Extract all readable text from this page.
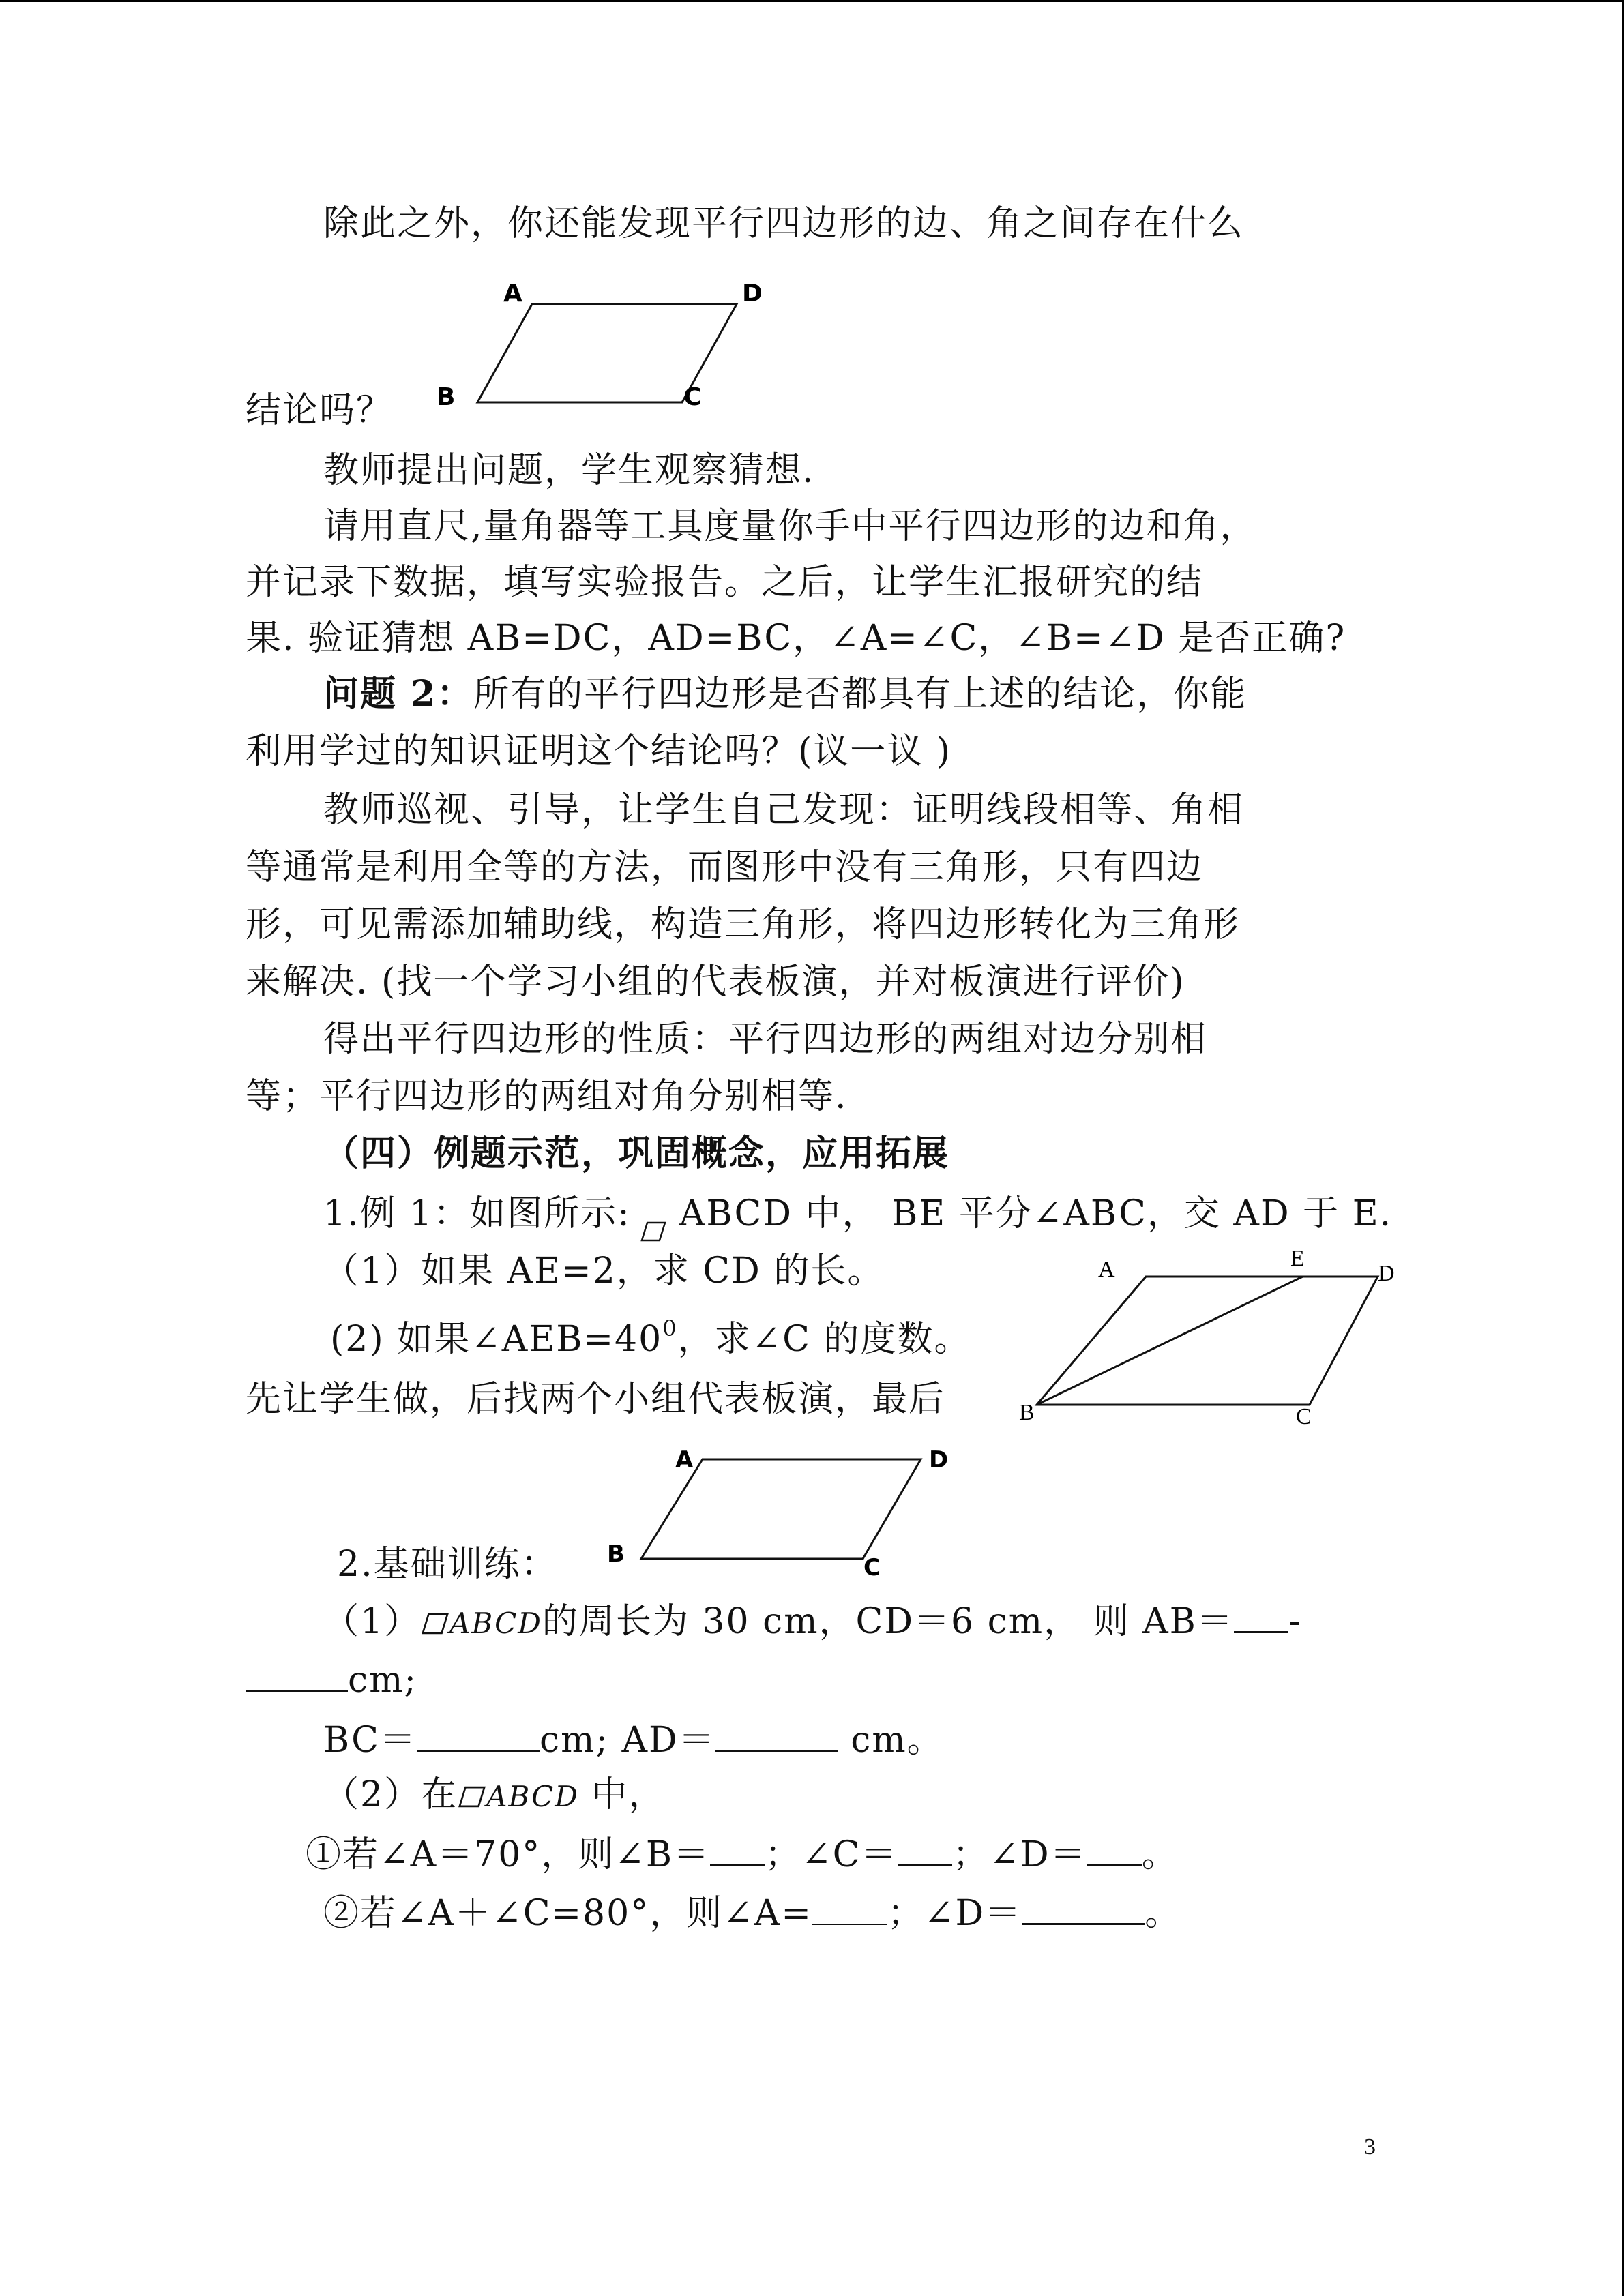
除此之外，你还能发现平行四边形的边、角之间存在什么
A	D
B	C
结论吗？
教师提出问题，学生观察猜想.
请用直尺,量角器等工具度量你手中平行四边形的边和角，
并记录下数据，填写实验报告。之后，让学生汇报研究的结
果. 验证猜想 AB=DC，AD=BC，∠A=∠C，∠B=∠D 是否正确?
问题 2：所有的平行四边形是否都具有上述的结论，你能
利用学过的知识证明这个结论吗？(议一议 )
教师巡视、引导，让学生自己发现：证明线段相等、角相
等通常是利用全等的方法，而图形中没有三角形，只有四边
形，可见需添加辅助线，构造三角形，将四边形转化为三角形
来解决. (找一个学习小组的代表板演，并对板演进行评价)
得出平行四边形的性质：平行四边形的两组对边分别相
等；平行四边形的两组对角分别相等.
（四）例题示范，巩固概念，应用拓展
1.例 1：如图所示: ABCD 中， BE 平分∠ABC，交 AD 于 E.
（1）如果 AE=2，求 CD 的长。
(2) 如果$\angle AEB=40^0$，求∠C 的度数。
A	E
D
B	C
先让学生做，后找两个小组代表板演，最后
A	D
B	C
2.基础训练：
（1） ABCD的周长为 30 cm，CD＝6 cm， 则 AB＝ -
cm;
BC＝	cm; AD＝	cm。
（2）在 ABCD 中，
①若∠A＝70°，则∠B＝ ；∠C＝ ；∠D＝ 。
②若∠A＋∠C=80°，则∠A= ；∠D＝	。
3
